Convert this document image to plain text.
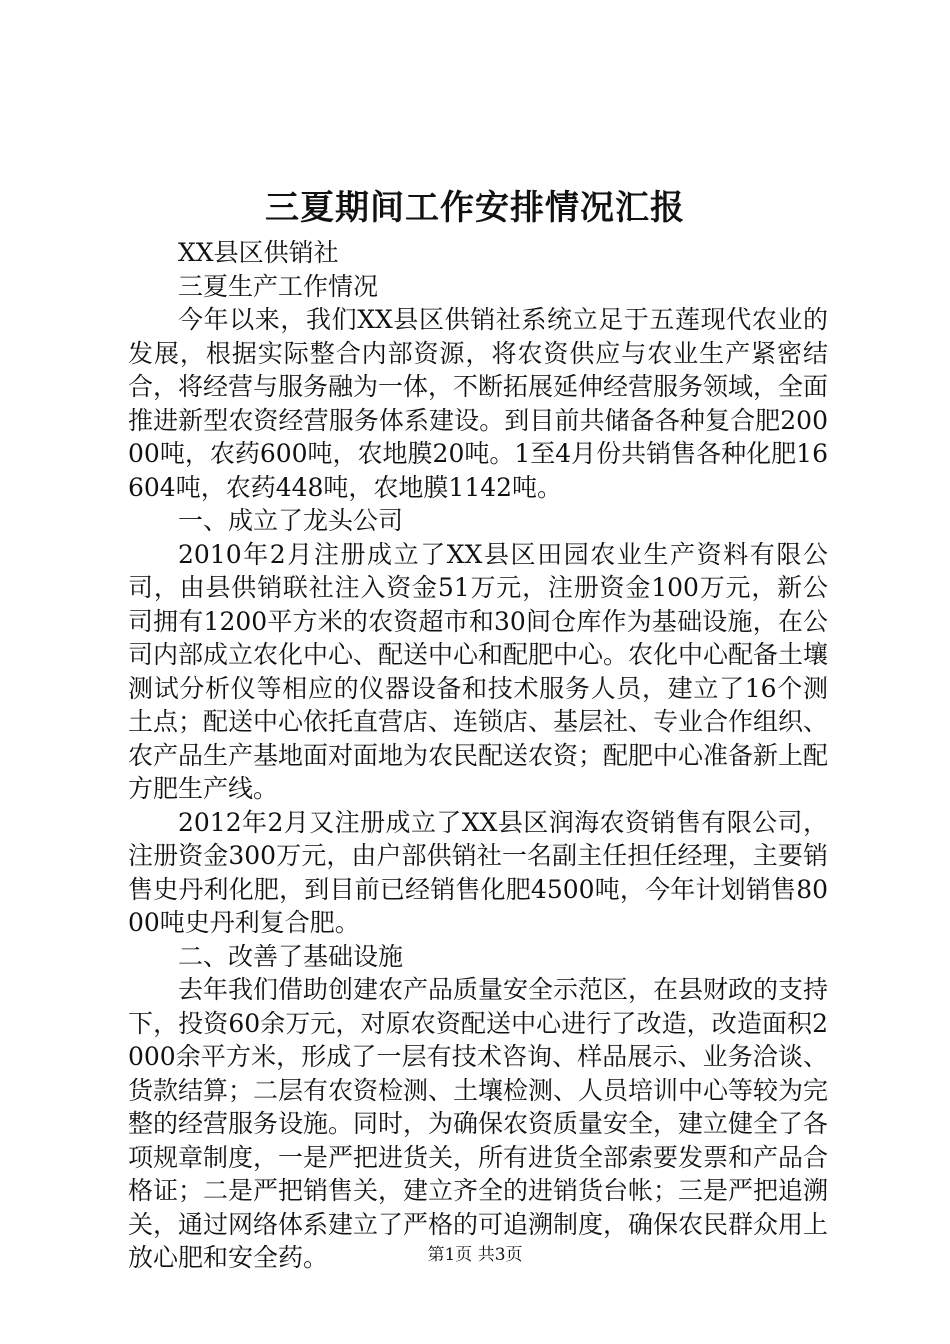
三夏期间工作安排情况汇报

XX县区供销社

三夏生产工作情况

今年以来，我们XX县区供销社系统立足于五莲现代农业的发展，根据实际整合内部资源，将农资供应与农业生产紧密结合，将经营与服务融为一体，不断拓展延伸经营服务领域，全面推进新型农资经营服务体系建设。到目前共储备各种复合肥20000吨，农药600吨，农地膜20吨。1至4月份共销售各种化肥16604吨，农药448吨，农地膜1142吨。

一、成立了龙头公司

2010年2月注册成立了XX县区田园农业生产资料有限公司，由县供销联社注入资金51万元，注册资金100万元，新公司拥有1200平方米的农资超市和30间仓库作为基础设施，在公司内部成立农化中心、配送中心和配肥中心。农化中心配备土壤测试分析仪等相应的仪器设备和技术服务人员，建立了16个测土点；配送中心依托直营店、连锁店、基层社、专业合作组织、农产品生产基地面对面地为农民配送农资；配肥中心准备新上配方肥生产线。

2012年2月又注册成立了XX县区润海农资销售有限公司，注册资金300万元，由户部供销社一名副主任担任经理，主要销售史丹利化肥，到目前已经销售化肥4500吨，今年计划销售8000吨史丹利复合肥。

二、改善了基础设施

去年我们借助创建农产品质量安全示范区，在县财政的支持下，投资60余万元，对原农资配送中心进行了改造，改造面积2000余平方米，形成了一层有技术咨询、样品展示、业务洽谈、货款结算；二层有农资检测、土壤检测、人员培训中心等较为完整的经营服务设施。同时，为确保农资质量安全，建立健全了各项规章制度，一是严把进货关，所有进货全部索要发票和产品合格证；二是严把销售关，建立齐全的进销货台帐；三是严把追溯关，通过网络体系建立了严格的可追溯制度，确保农民群众用上放心肥和安全药。	第1页 共3页
